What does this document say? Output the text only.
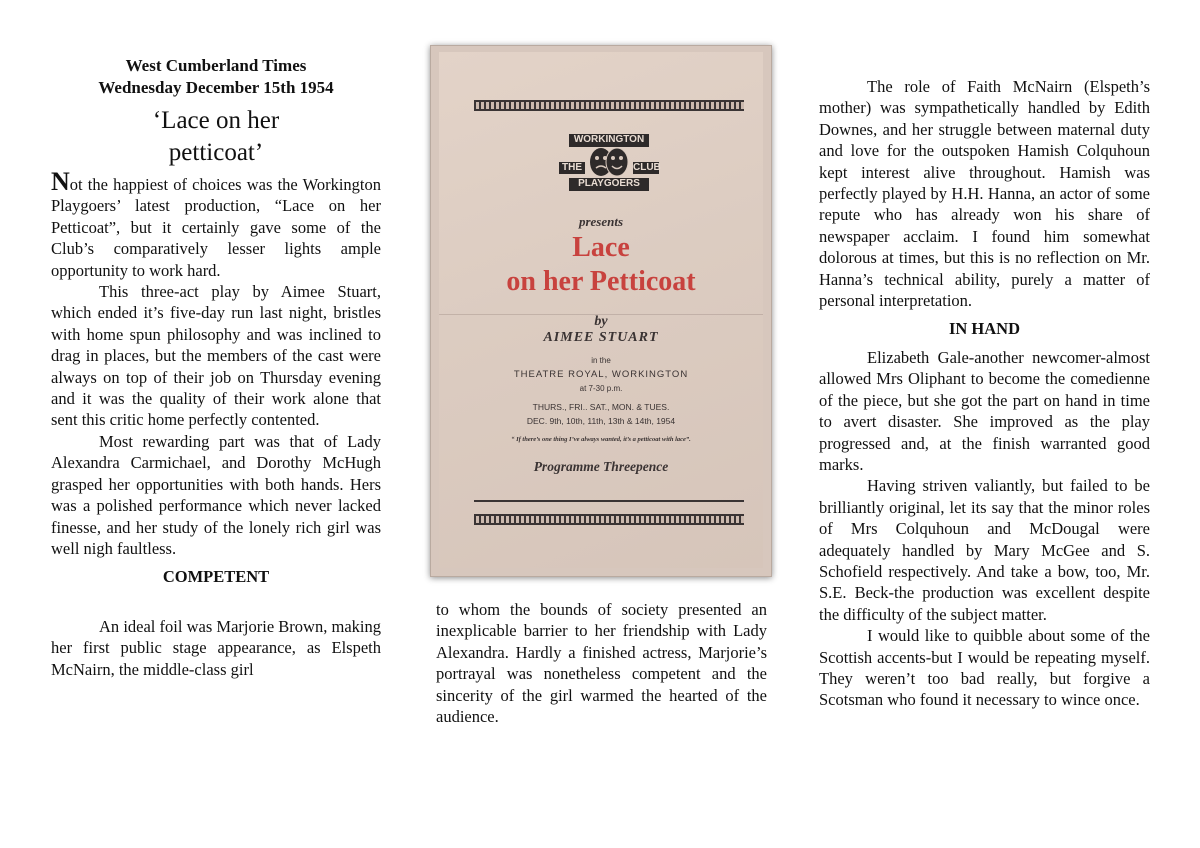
West Cumberland Times
Wednesday December 15th 1954
‘Lace on her
petticoat’

Not the happiest of choices was the Workington Playgoers’ latest production, “Lace on her Petticoat”, but it certainly gave some of the Club’s comparatively lesser lights ample opportunity to work hard.

This three-act play by Aimee Stuart, which ended it’s five-day run last night, bristles with home spun philosophy and was inclined to drag in places, but the members of the cast were always on top of their job on Thursday evening and it was the quality of their work alone that sent this critic home perfectly contented.

Most rewarding part was that of Lady Alexandra Carmichael, and Dorothy McHugh grasped her opportunities with both hands. Hers was a polished performance which never lacked finesse, and her study of the lonely rich girl was well nigh faultless.

COMPETENT

An ideal foil was Marjorie Brown, making her first public stage appearance, as Elspeth McNairn, the middle-class girl

WORKINGTON
THE	CLUB
PLAYGOERS
presents
Lace
on her Petticoat
by
AIMEE STUART
in the
THEATRE ROYAL, WORKINGTON
at 7-30 p.m.
THURS., FRI.. SAT., MON. & TUES.
DEC. 9th, 10th, 11th, 13th & 14th, 1954
“ If there’s one thing I’ve always wanted, it’s a petticoat with lace”.
Programme Threepence

to whom the bounds of society presented an inexplicable barrier to her friendship with Lady Alexandra. Hardly a finished actress, Marjorie’s portrayal was nonetheless competent and the sincerity of the girl warmed the hearted of the audience.

The role of Faith McNairn (Elspeth’s mother) was sympathetically handled by Edith Downes, and her struggle between maternal duty and love for the outspoken Hamish Colquhoun kept interest alive throughout. Hamish was perfectly played by H.H. Hanna, an actor of some repute who has already won his share of newspaper acclaim. I found him somewhat dolorous at times, but this is no reflection on Mr. Hanna’s technical ability, purely a matter of personal interpretation.

IN HAND

Elizabeth Gale-another newcomer-almost allowed Mrs Oliphant to become the comedienne of the piece, but she got the part on hand in time to avert disaster. She improved as the play progressed and, at the finish warranted good marks.

Having striven valiantly, but failed to be brilliantly original, let its say that the minor roles of Mrs Colquhoun and McDougal were adequately handled by Mary McGee and S. Schofield respectively. And take a bow, too, Mr. S.E. Beck-the production was excellent despite the difficulty of the subject matter.

I would like to quibble about some of the Scottish accents-but I would be repeating myself. They weren’t too bad really, but forgive a Scotsman who found it necessary to wince once.
